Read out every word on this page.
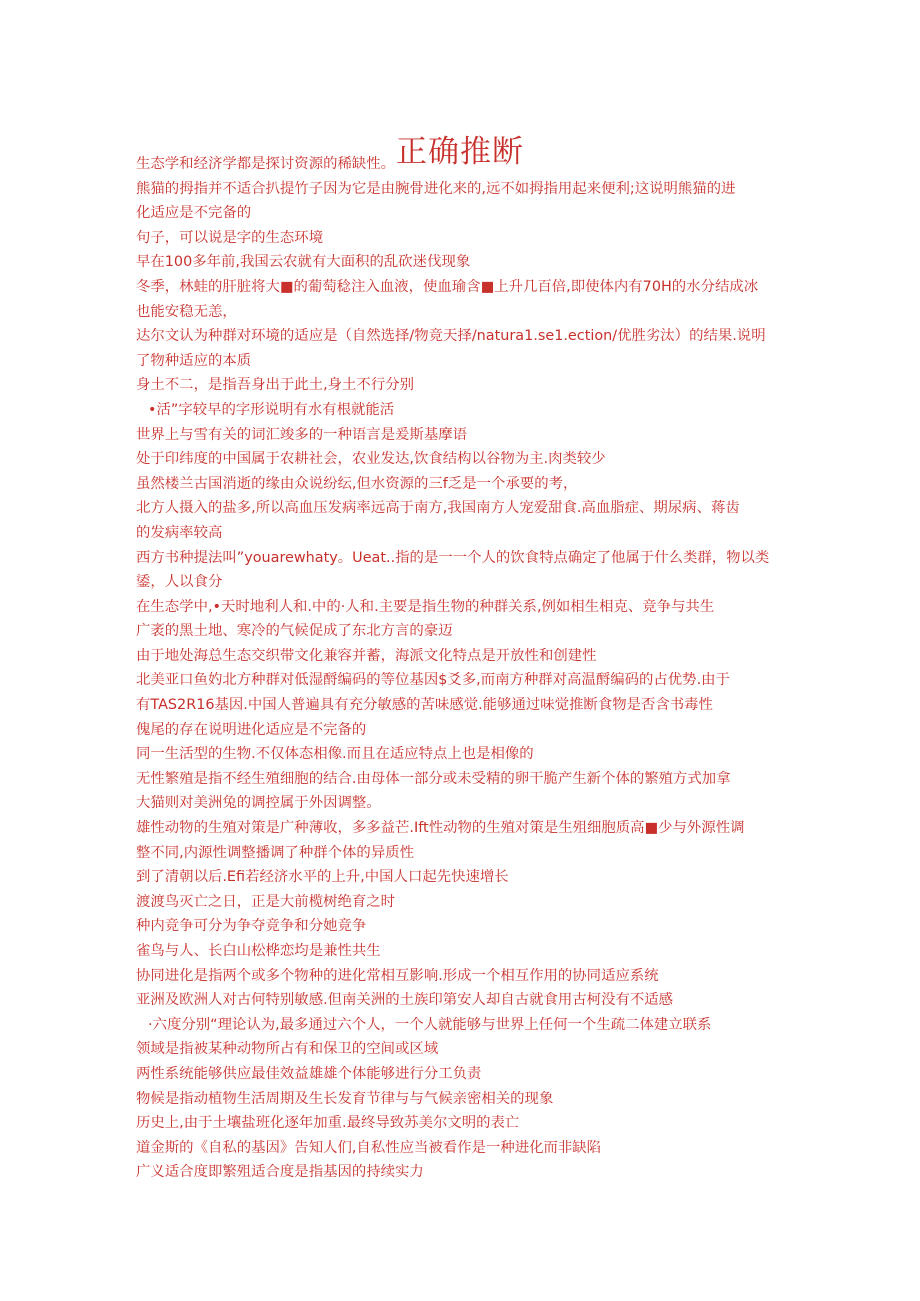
正确推断
生态学和经济学都是探讨资源的稀缺性。
熊猫的拇指并不适合扒提竹子因为它是由腕骨进化来的,远不如拇指用起来便利;这说明熊猫的进
化适应是不完备的
句子，可以说是字的生态环境
早在100多年前,我国云农就有大面积的乱砍迷伐现象
冬季，林蛙的肝脏将大■的葡萄稔注入血液，使血瑜含■上升几百倍,即使体内有70H的水分结成冰
也能安稳无恙，
达尔文认为种群对环境的适应是（自然选择/物竞天择/natura1.se1.ection/优胜劣汰）的结果.说明
了物种适应的本质
身土不二，是指吾身出于此土,身土不行分别
•活”字较早的字形说明有水有根就能活
世界上与雪有关的词汇竣多的一种语言是爰斯基摩语
处于印纬度的中国属于农耕社会，农业发达,饮食结构以谷物为主.肉类较少
虽然楼兰古国消逝的缘由众说纷纭,但水资源的三f乏是一个承要的考，
北方人摄入的盐多,所以高血压发病率远高于南方,我国南方人宠爱甜食.高血脂症、期尿病、蒋齿
的发病率较高
西方书种提法叫”youarewhaty。Ueat..指的是一一个人的饮食特点确定了他属于什么类群，物以类
鋈，人以食分
在生态学中,•天时地利人和.中的·人和.主要是指生物的种群关系,例如相生相克、竞争与共生
广袤的黑土地、寒冷的气候促成了东北方言的豪迈
由于地处海总生态交织带文化兼容并蓄，海派文化特点是开放性和创建性
北美亚口鱼妁北方种群对低湿酹编码的等位基因$爻多,而南方种群对高温酹编码的占优势.由于
有TAS2R16基因.中国人普遍具有充分敏感的苦味感觉.能够通过味觉推断食物是否含书毒性
傀尾的存在说明进化适应是不完备的
同一生活型的生物.不仅体态相像.而且在适应特点上也是相像的
无性繁殖是指不经生殖细胞的结合.由母体一部分或未受精的卵干脆产生新个体的繁殖方式加拿
大猫则对美洲兔的调控属于外因调整。
雄性动物的生殖对策是广种薄收，多多益芒.Ift性动物的生殖对策是生殂细胞质高■少与外源性调
整不同,内源性调整播调了种群个体的异质性
到了清朝以后.Efi若经济水平的上升,中国人口起先快速增长
渡渡鸟灭亡之日，正是大前榄树绝育之时
种内竞争可分为争夺竞争和分她竞争
雀鸟与人、长白山松桦恋均是兼性共生
协同进化是指两个或多个物种的进化常相互影响.形成一个相互作用的协同适应系统
亚洲及欧洲人对古何特别敏感.但南关洲的土族印第安人却自古就食用古柯没有不适感
·六度分别“理论认为,最多通过六个人，一个人就能够与世界上任何一个生疏二体建立联系
领域是指被某种动物所占有和保卫的空间或区域
两性系统能够供应最佳效益雄雄个体能够进行分工负责
物候是指动植物生活周期及生长发育节律与与气候亲密相关的现象
历史上,由于土壤盐班化逐年加重.最终导致苏美尔文明的表亡
道金斯的《自私的基因》告知人们,自私性应当被看作是一种进化而非缺陷
广义适合度即繁殂适合度是指基因的持续实力
